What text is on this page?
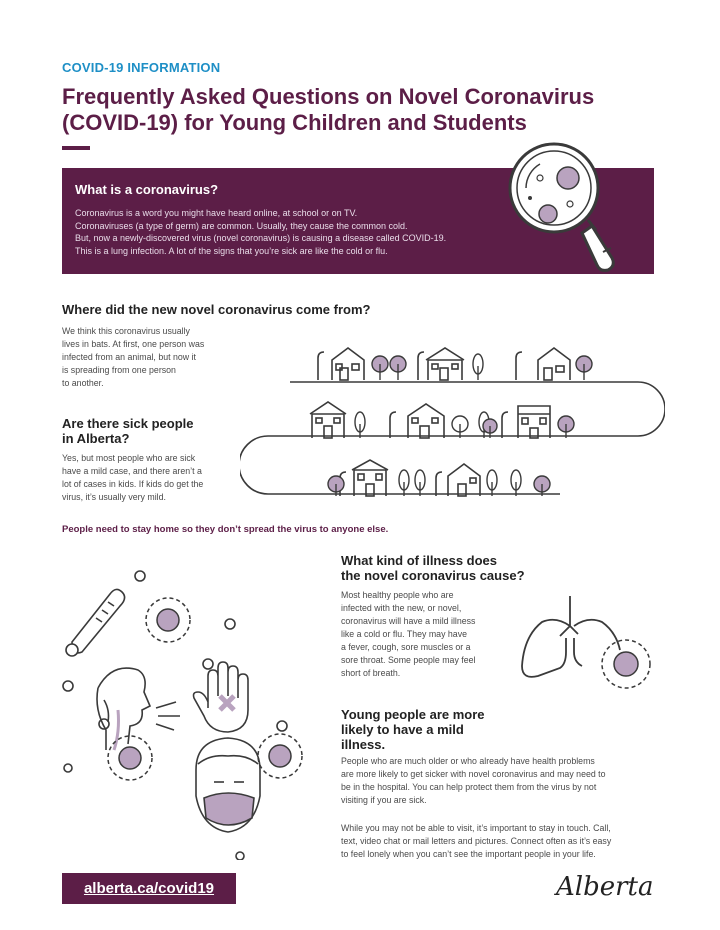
COVID-19 INFORMATION
Frequently Asked Questions on Novel Coronavirus (COVID-19) for Young Children and Students
What is a coronavirus?

Coronavirus is a word you might have heard online, at school or on TV.
Coronaviruses (a type of germ) are common. Usually, they cause the common cold.
But, now a newly-discovered virus (novel coronavirus) is causing a disease called COVID-19.
This is a lung infection. A lot of the signs that you’re sick are like the cold or flu.

Where did the new novel coronavirus come from?

We think this coronavirus usually
lives in bats. At first, one person was
infected from an animal, but now it
is spreading from one person
to another.

Are there sick people
in Alberta?

Yes, but most people who are sick
have a mild case, and there aren’t a
lot of cases in kids. If kids do get the
virus, it’s usually very mild.

People need to stay home so they don’t spread the virus to anyone else.

What kind of illness does
the novel coronavirus cause?

Most healthy people who are
infected with the new, or novel,
coronavirus will have a mild illness
like a cold or flu. They may have
a fever, cough, sore muscles or a
sore throat. Some people may feel
short of breath.

Young people are more
likely to have a mild
illness.

People who are much older or who already have health problems
are more likely to get sicker with novel coronavirus and may need to
be in the hospital. You can help protect them from the virus by not
visiting if you are sick.

While you may not be able to visit, it’s important to stay in touch. Call,
text, video chat or mail letters and pictures. Connect often as it’s easy
to feel lonely when you can’t see the important people in your life.

alberta.ca/covid19	Alberta
